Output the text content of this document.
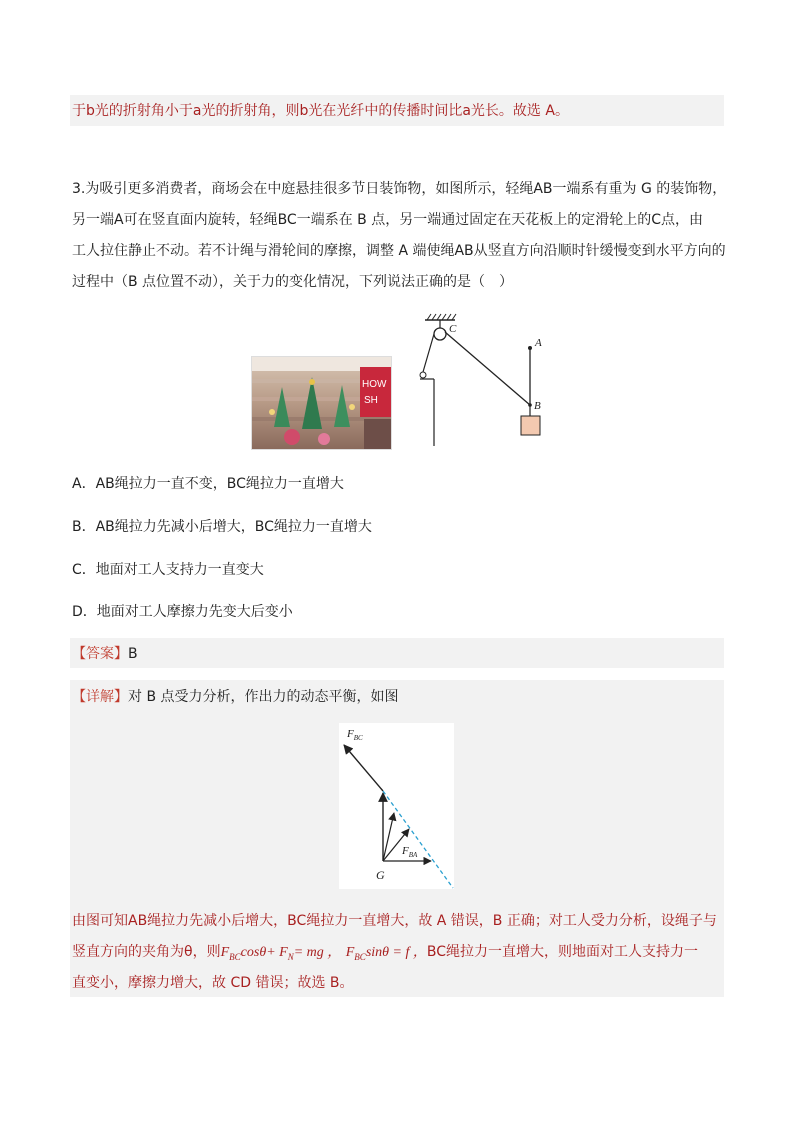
于b光的折射角小于a光的折射角，则b光在光纤中的传播时间比a光长。故选 A。
3.为吸引更多消费者，商场会在中庭悬挂很多节日装饰物，如图所示，轻绳AB一端系有重为 G 的装饰物，
另一端A可在竖直面内旋转，轻绳BC一端系在 B 点，另一端通过固定在天花板上的定滑轮上的C点，由
工人拉住静止不动。若不计绳与滑轮间的摩擦，调整 A 端使绳AB从竖直方向沿顺时针缓慢变到水平方向的
过程中（B 点位置不动），关于力的变化情况，下列说法正确的是（　）
HOW
SH
C
A
B
A．AB绳拉力一直不变，BC绳拉力一直增大
B．AB绳拉力先减小后增大，BC绳拉力一直增大
C．地面对工人支持力一直变大
D．地面对工人摩擦力先变大后变小
【答案】B
【详解】对 B 点受力分析，作出力的动态平衡，如图
$F_{BC}$
G
$F_{BA}$
由图可知AB绳拉力先减小后增大，BC绳拉力一直增大，故 A 错误，B 正确；对工人受力分析，设绳子与
竖直方向的夹角为θ，则$F_{BC}\cos\theta+ F_N=$ mg ， $F_{BC}\sin\theta = f$ ，BC绳拉力一直增大，则地面对工人支持力一
直变小，摩擦力增大，故 CD 错误；故选 B。
